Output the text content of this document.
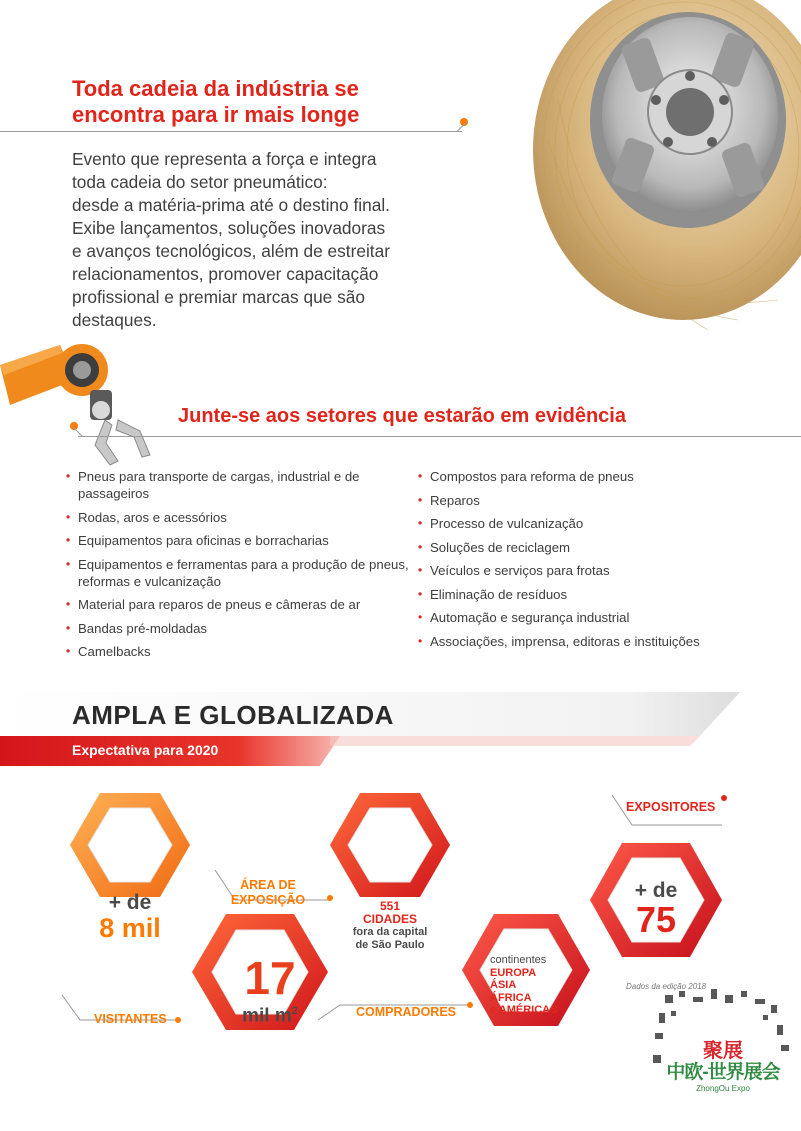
Toda cadeia da indústria se
encontra para ir mais longe
Evento que representa a força e integra
toda cadeia do setor pneumático:
desde a matéria-prima até o destino final.
Exibe lançamentos, soluções inovadoras
e avanços tecnológicos, além de estreitar
relacionamentos, promover capacitação
profissional e premiar marcas que são
destaques.
Junte-se aos setores que estarão em evidência
• Pneus para transporte de cargas, industrial e de passageiros
• Rodas, aros e acessórios
• Equipamentos para oficinas e borracharias
• Equipamentos e ferramentas para a produção de pneus, reformas e vulcanização
• Material para reparos de pneus e câmeras de ar
• Bandas pré-moldadas
• Camelbacks
• Compostos para reforma de pneus
• Reparos
• Processo de vulcanização
• Soluções de reciclagem
• Veículos e serviços para frotas
• Eliminação de resíduos
• Automação e segurança industrial
• Associações, imprensa, editoras e instituições
AMPLA E GLOBALIZADA
Expectativa para 2020
+ de
8 mil
VISITANTES
17
mil $m^2$
ÁREA DE
EXPOSIÇÃO	551 CIDADES
fora da capital
de São Paulo
continentes
EUROPA
ÁSIA
ÁFRICA
e AMÉRICAS
COMPRADORES
+ de
75
EXPOSITORES
Dados da edição 2018
聚展
中欧-世界展会
ZhongOu Expo
